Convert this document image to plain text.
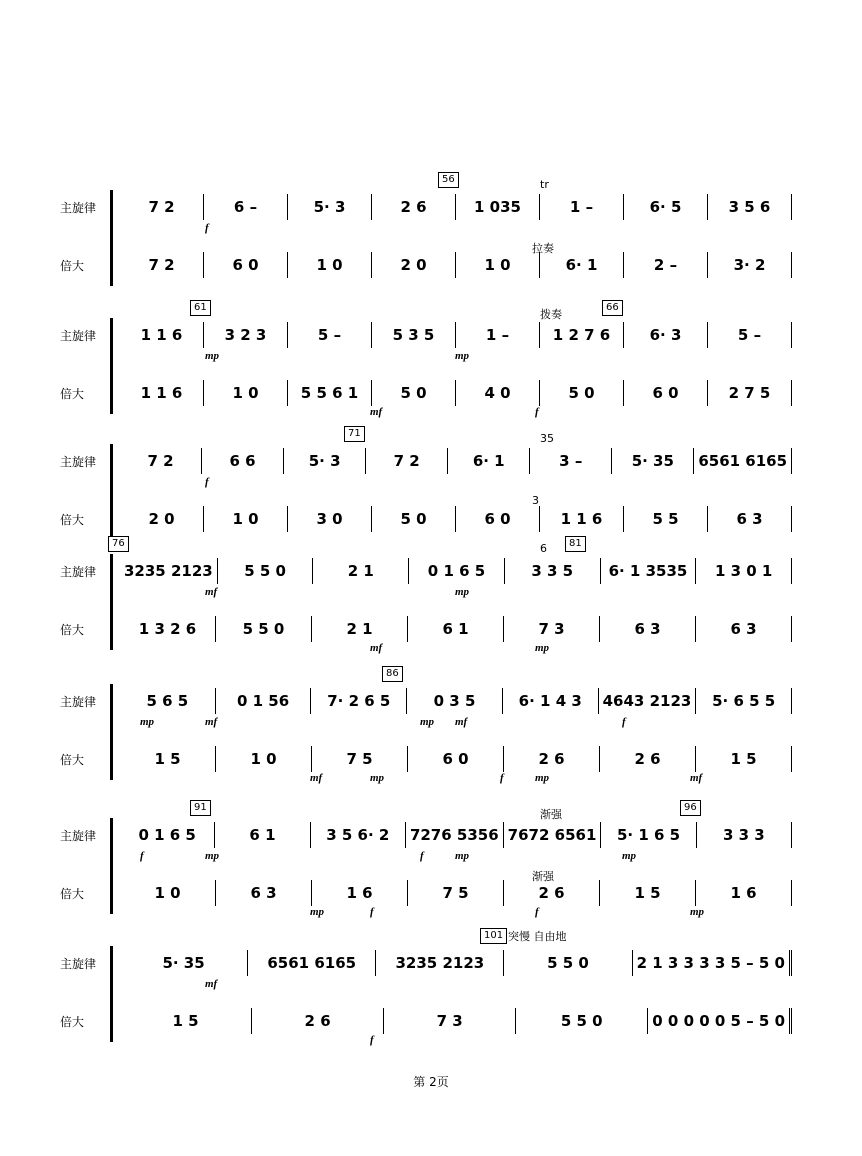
56
主旋律	7 2	6 –	5· 3	2 6	1 035	1 –	6· 5	3 5 6
倍大	7 2	6 0	1 0	2 0	1 0	6· 1	2 –	3· 2
tr
拉奏
f
61	66
主旋律	1 1 6	3 2 3	5 –	5 3 5	1 –	1 2 7 6	6· 3	5 –
倍大	1 1 6	1 0	5 5 6 1	5 0	4 0	5 0	6 0	2 7 5
拨奏
mp
mf
mp
f
71
主旋律	7 2	6 6	5· 3	7 2	6· 1	3 –	5· 35	6561 6165
倍大	2 0	1 0	3 0	5 0	6 0	1 1 6	5 5	6 3
35
3
f
76	81
主旋律	3235 2123	5 5 0	2 1	0 1 6 5	3 3 5	6· 1 3535	1 3 0 1
倍大	1 3 2 6	5 5 0	2 1	6 1	7 3	6 3	6 3
6
mf
mf
mp
mp
86
主旋律	5 6 5	0 1 56	7· 2 6 5	0 3 5	6· 1 4 3	4643 2123	5· 6 5 5
倍大	1 5	1 0	7 5	6 0	2 6	2 6	1 5
mf
mp
mf
mp
f
mf
mp
mf
mp
f
91	96
主旋律	0 1 6 5	6 1	3 5 6· 2	7276 5356 7672 6561	5· 1 6 5	3 3 3
倍大	1 0	6 3	1 6	7 5	2 6	1 5	1 6
渐强
渐强
mp
f
mp
f
mp
mp
f
mp
f
101 突慢 自由地
主旋律	5· 35	6561 6165	3235 2123	5 5 0	2 1 3 3 3 3 5 – 5 0
倍大	1 5	2 6	7 3	5 5 0	0 0 0 0 0 5 – 5 0
mf
f
第 2页
